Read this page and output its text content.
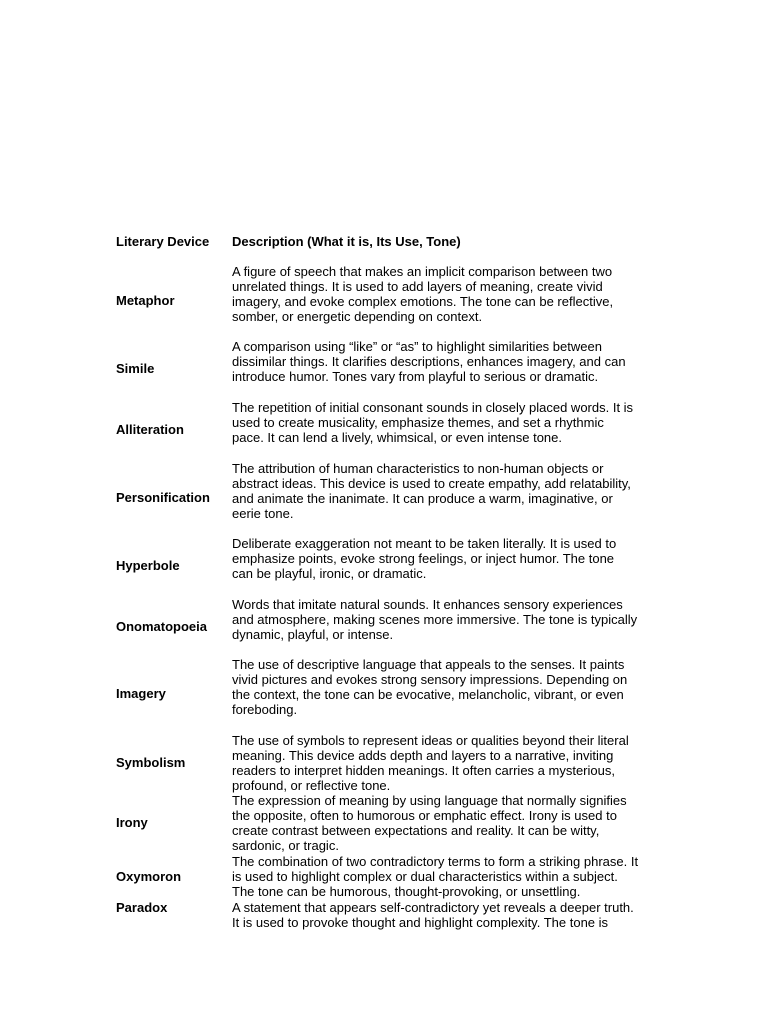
Literary Device	Description (What it is, Its Use, Tone)
Metaphor
A figure of speech that makes an implicit comparison between two
unrelated things. It is used to add layers of meaning, create vivid
imagery, and evoke complex emotions. The tone can be reflective,
somber, or energetic depending on context.
Simile
A comparison using “like” or “as” to highlight similarities between
dissimilar things. It clarifies descriptions, enhances imagery, and can
introduce humor. Tones vary from playful to serious or dramatic.
Alliteration
The repetition of initial consonant sounds in closely placed words. It is
used to create musicality, emphasize themes, and set a rhythmic
pace. It can lend a lively, whimsical, or even intense tone.
Personification
The attribution of human characteristics to non-human objects or
abstract ideas. This device is used to create empathy, add relatability,
and animate the inanimate. It can produce a warm, imaginative, or
eerie tone.
Hyperbole
Deliberate exaggeration not meant to be taken literally. It is used to
emphasize points, evoke strong feelings, or inject humor. The tone
can be playful, ironic, or dramatic.
Onomatopoeia
Words that imitate natural sounds. It enhances sensory experiences
and atmosphere, making scenes more immersive. The tone is typically
dynamic, playful, or intense.
Imagery
The use of descriptive language that appeals to the senses. It paints
vivid pictures and evokes strong sensory impressions. Depending on
the context, the tone can be evocative, melancholic, vibrant, or even
foreboding.
Symbolism
The use of symbols to represent ideas or qualities beyond their literal
meaning. This device adds depth and layers to a narrative, inviting
readers to interpret hidden meanings. It often carries a mysterious,
profound, or reflective tone.
Irony
The expression of meaning by using language that normally signifies
the opposite, often to humorous or emphatic effect. Irony is used to
create contrast between expectations and reality. It can be witty,
sardonic, or tragic.
Oxymoron
The combination of two contradictory terms to form a striking phrase. It
is used to highlight complex or dual characteristics within a subject.
The tone can be humorous, thought-provoking, or unsettling.
Paradox	A statement that appears self-contradictory yet reveals a deeper truth.
It is used to provoke thought and highlight complexity. The tone is
